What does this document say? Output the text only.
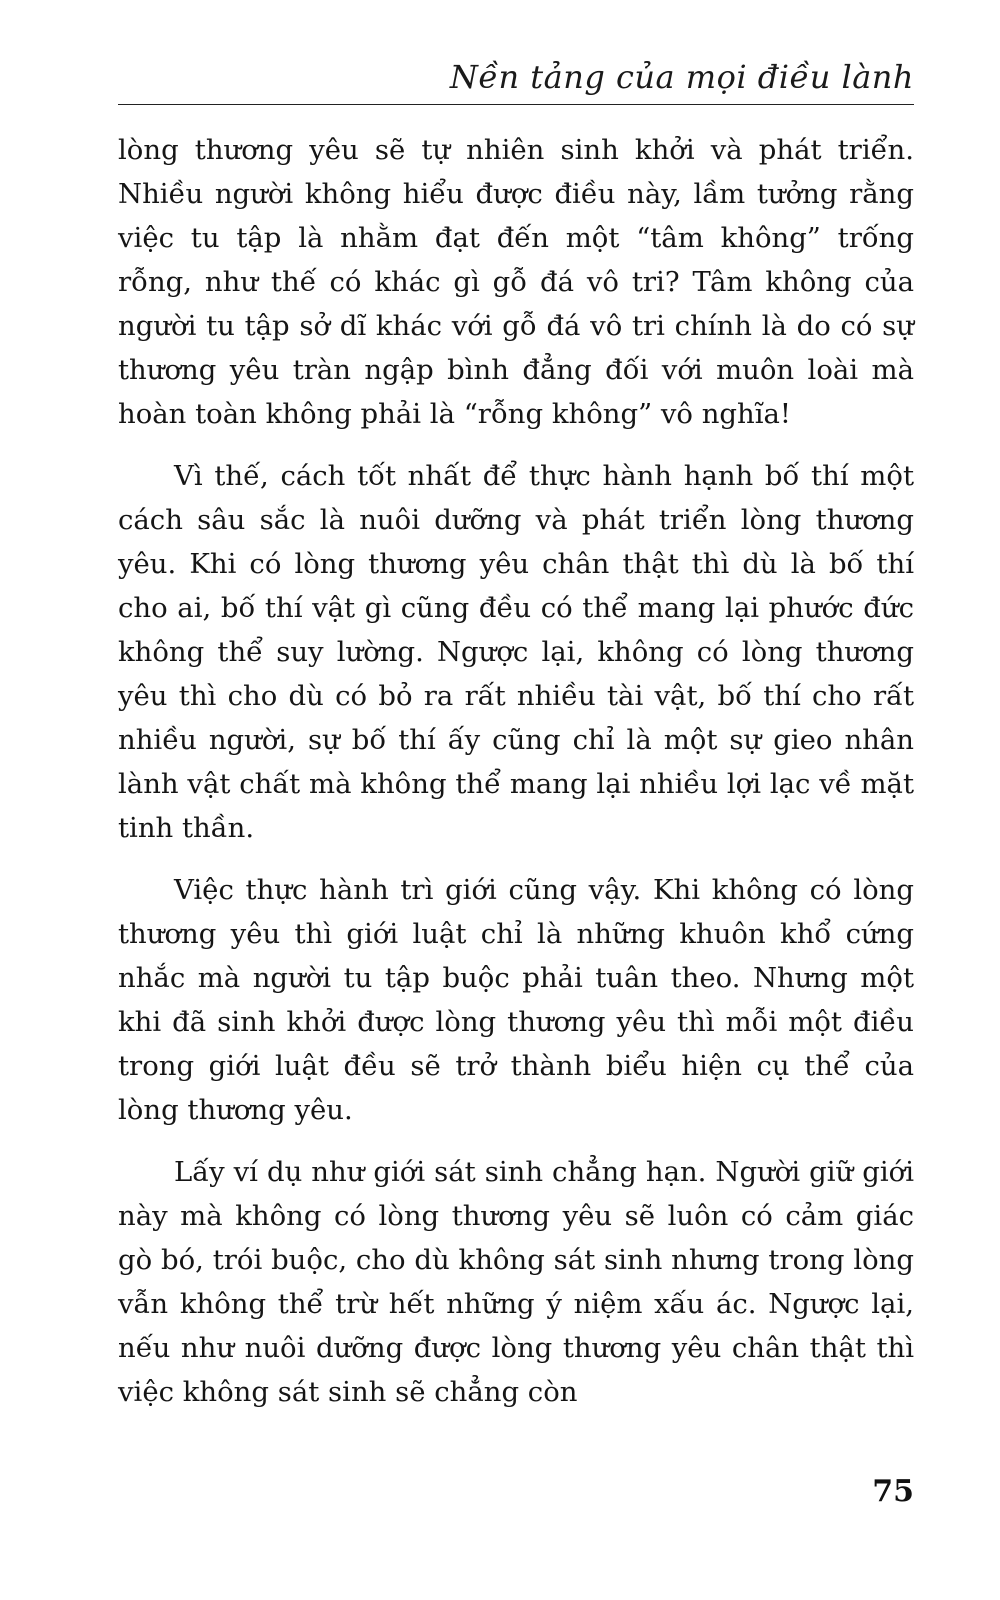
Nền tảng của mọi điều lành

lòng thương yêu sẽ tự nhiên sinh khởi và phát triển. Nhiều người không hiểu được điều này, lầm tưởng rằng việc tu tập là nhằm đạt đến một “tâm không” trống rỗng, như thế có khác gì gỗ đá vô tri? Tâm không của người tu tập sở dĩ khác với gỗ đá vô tri chính là do có sự thương yêu tràn ngập bình đẳng đối với muôn loài mà hoàn toàn không phải là “rỗng không” vô nghĩa!

Vì thế, cách tốt nhất để thực hành hạnh bố thí một cách sâu sắc là nuôi dưỡng và phát triển lòng thương yêu. Khi có lòng thương yêu chân thật thì dù là bố thí cho ai, bố thí vật gì cũng đều có thể mang lại phước đức không thể suy lường. Ngược lại, không có lòng thương yêu thì cho dù có bỏ ra rất nhiều tài vật, bố thí cho rất nhiều người, sự bố thí ấy cũng chỉ là một sự gieo nhân lành vật chất mà không thể mang lại nhiều lợi lạc về mặt tinh thần.

Việc thực hành trì giới cũng vậy. Khi không có lòng thương yêu thì giới luật chỉ là những khuôn khổ cứng nhắc mà người tu tập buộc phải tuân theo. Nhưng một khi đã sinh khởi được lòng thương yêu thì mỗi một điều trong giới luật đều sẽ trở thành biểu hiện cụ thể của lòng thương yêu.

Lấy ví dụ như giới sát sinh chẳng hạn. Người giữ giới này mà không có lòng thương yêu sẽ luôn có cảm giác gò bó, trói buộc, cho dù không sát sinh nhưng trong lòng vẫn không thể trừ hết những ý niệm xấu ác. Ngược lại, nếu như nuôi dưỡng được lòng thương yêu chân thật thì việc không sát sinh sẽ chẳng còn

75
